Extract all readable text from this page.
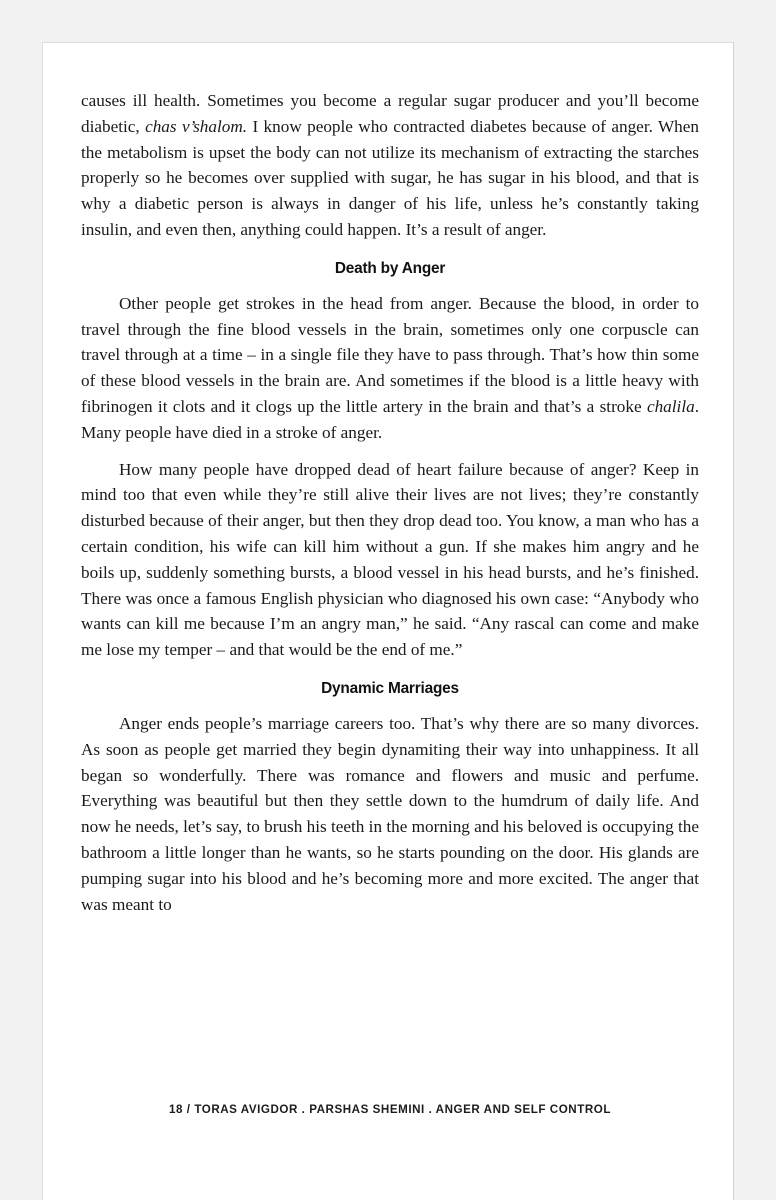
causes ill health. Sometimes you become a regular sugar producer and you’ll become diabetic, chas v’shalom. I know people who contracted diabetes because of anger. When the metabolism is upset the body can not utilize its mechanism of extracting the starches properly so he becomes over supplied with sugar, he has sugar in his blood, and that is why a diabetic person is always in danger of his life, unless he’s constantly taking insulin, and even then, anything could happen. It’s a result of anger.

Death by Anger

Other people get strokes in the head from anger. Because the blood, in order to travel through the fine blood vessels in the brain, sometimes only one corpuscle can travel through at a time – in a single file they have to pass through. That’s how thin some of these blood vessels in the brain are. And sometimes if the blood is a little heavy with fibrinogen it clots and it clogs up the little artery in the brain and that’s a stroke chalila. Many people have died in a stroke of anger.

How many people have dropped dead of heart failure because of anger? Keep in mind too that even while they’re still alive their lives are not lives; they’re constantly disturbed because of their anger, but then they drop dead too. You know, a man who has a certain condition, his wife can kill him without a gun. If she makes him angry and he boils up, suddenly something bursts, a blood vessel in his head bursts, and he’s finished. There was once a famous English physician who diagnosed his own case: “Anybody who wants can kill me because I’m an angry man,” he said. “Any rascal can come and make me lose my temper – and that would be the end of me.”

Dynamic Marriages

Anger ends people’s marriage careers too. That’s why there are so many divorces. As soon as people get married they begin dynamiting their way into unhappiness. It all began so wonderfully. There was romance and flowers and music and perfume. Everything was beautiful but then they settle down to the humdrum of daily life. And now he needs, let’s say, to brush his teeth in the morning and his beloved is occupying the bathroom a little longer than he wants, so he starts pounding on the door. His glands are pumping sugar into his blood and he’s becoming more and more excited. The anger that was meant to

18 / TORAS AVIGDOR . PARSHAS SHEMINI . ANGER AND SELF CONTROL
